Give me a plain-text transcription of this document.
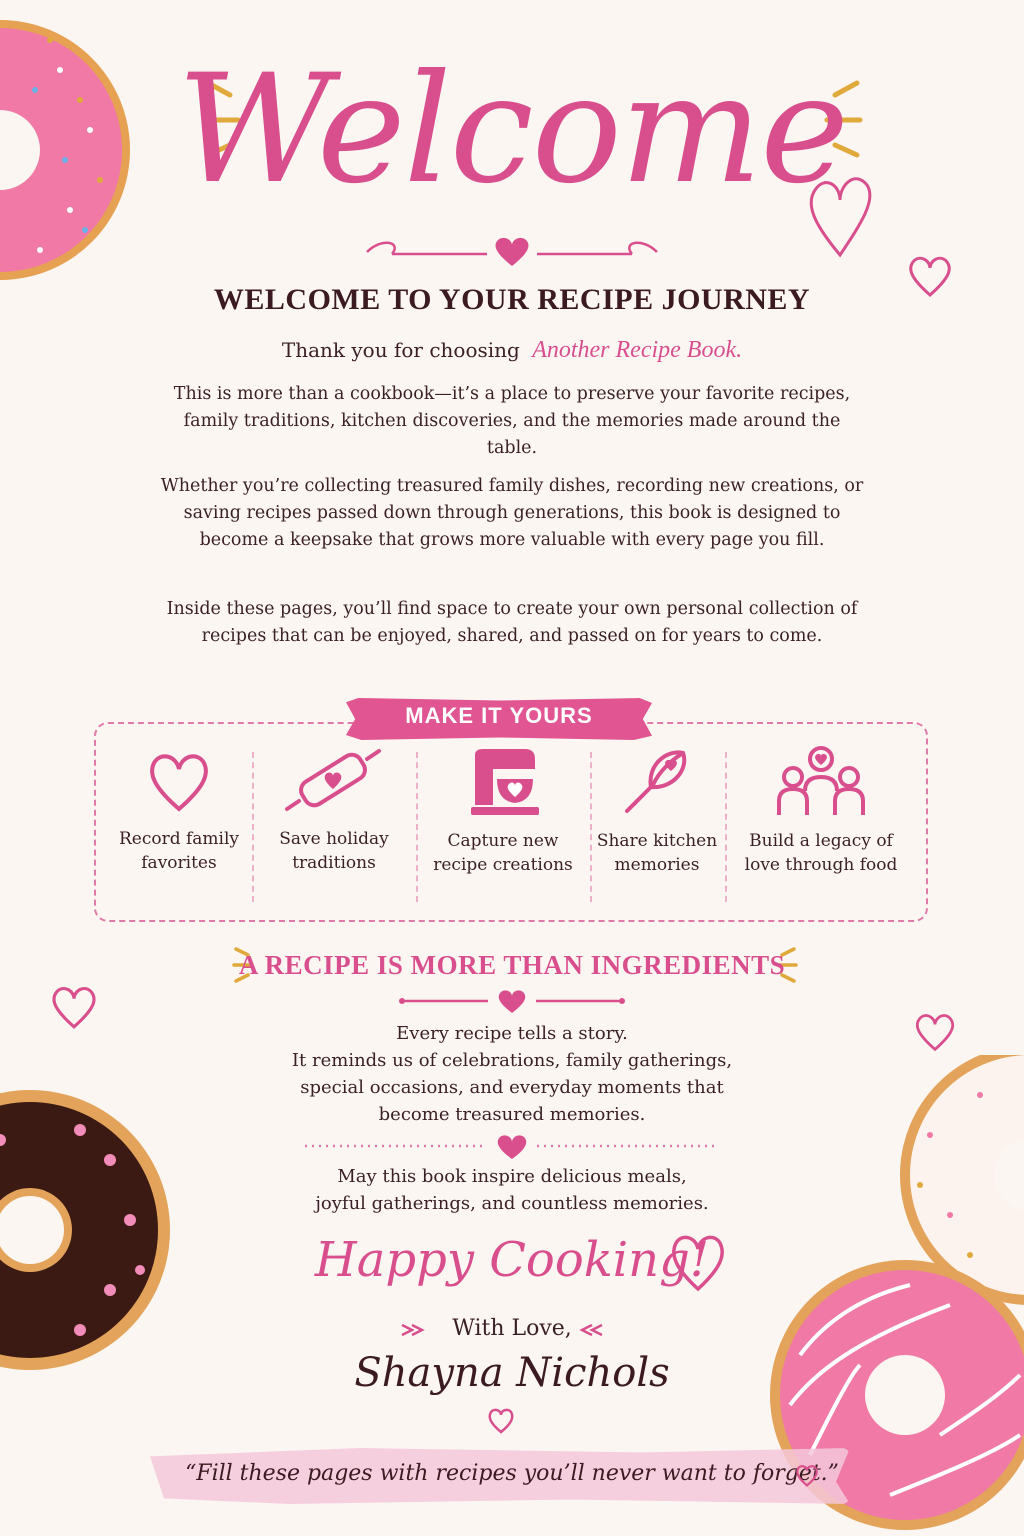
Welcome
WELCOME TO YOUR RECIPE JOURNEY
Thank you for choosing Another Recipe Book.
This is more than a cookbook—it’s a place to preserve your favorite recipes, family traditions, kitchen discoveries, and the memories made around the table.
Whether you’re collecting treasured family dishes, recording new creations, or saving recipes passed down through generations, this book is designed to become a keepsake that grows more valuable with every page you fill.
Inside these pages, you’ll find space to create your own personal collection of recipes that can be enjoyed, shared, and passed on for years to come.
MAKE IT YOURS
Record family favorites
Save holiday traditions
Capture new recipe creations
Share kitchen memories
Build a legacy of love through food
A RECIPE IS MORE THAN INGREDIENTS
Every recipe tells a story.
It reminds us of celebrations, family gatherings,
special occasions, and everyday moments that
become treasured memories.
May this book inspire delicious meals,
joyful gatherings, and countless memories.
Happy Cooking!
With Love,
Shayna Nichols
“Fill these pages with recipes you’ll never want to forget.”
